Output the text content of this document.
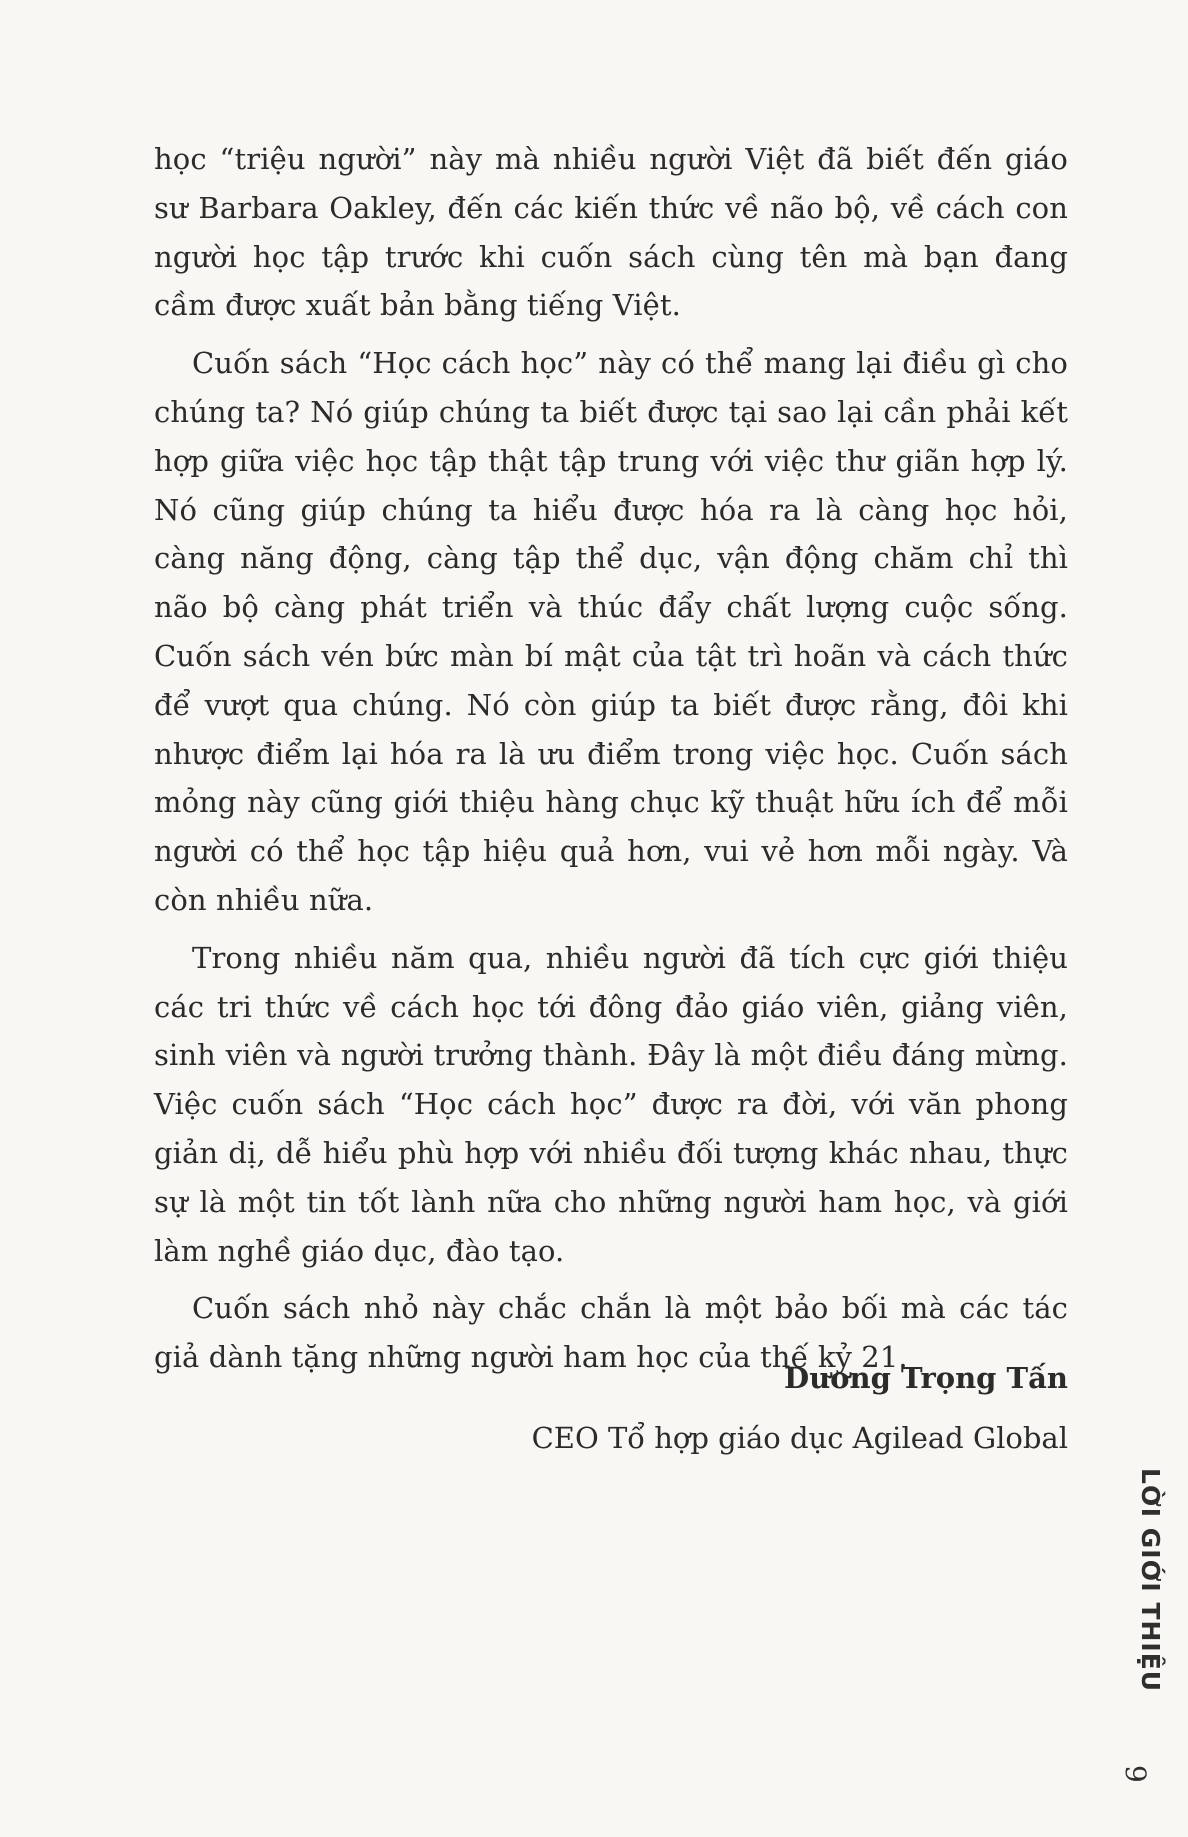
học “triệu người” này mà nhiều người Việt đã biết đến giáo sư Barbara Oakley, đến các kiến thức về não bộ, về cách con người học tập trước khi cuốn sách cùng tên mà bạn đang cầm được xuất bản bằng tiếng Việt.

Cuốn sách “Học cách học” này có thể mang lại điều gì cho chúng ta? Nó giúp chúng ta biết được tại sao lại cần phải kết hợp giữa việc học tập thật tập trung với việc thư giãn hợp lý. Nó cũng giúp chúng ta hiểu được hóa ra là càng học hỏi, càng năng động, càng tập thể dục, vận động chăm chỉ thì não bộ càng phát triển và thúc đẩy chất lượng cuộc sống. Cuốn sách vén bức màn bí mật của tật trì hoãn và cách thức để vượt qua chúng. Nó còn giúp ta biết được rằng, đôi khi nhược điểm lại hóa ra là ưu điểm trong việc học. Cuốn sách mỏng này cũng giới thiệu hàng chục kỹ thuật hữu ích để mỗi người có thể học tập hiệu quả hơn, vui vẻ hơn mỗi ngày. Và còn nhiều nữa.

Trong nhiều năm qua, nhiều người đã tích cực giới thiệu các tri thức về cách học tới đông đảo giáo viên, giảng viên, sinh viên và người trưởng thành. Đây là một điều đáng mừng. Việc cuốn sách “Học cách học” được ra đời, với văn phong giản dị, dễ hiểu phù hợp với nhiều đối tượng khác nhau, thực sự là một tin tốt lành nữa cho những người ham học, và giới làm nghề giáo dục, đào tạo.

Cuốn sách nhỏ này chắc chắn là một bảo bối mà các tác giả dành tặng những người ham học của thế kỷ 21.

Dương Trọng Tấn
CEO Tổ hợp giáo dục Agilead Global
LỜI GIỚI THIỆU
9
